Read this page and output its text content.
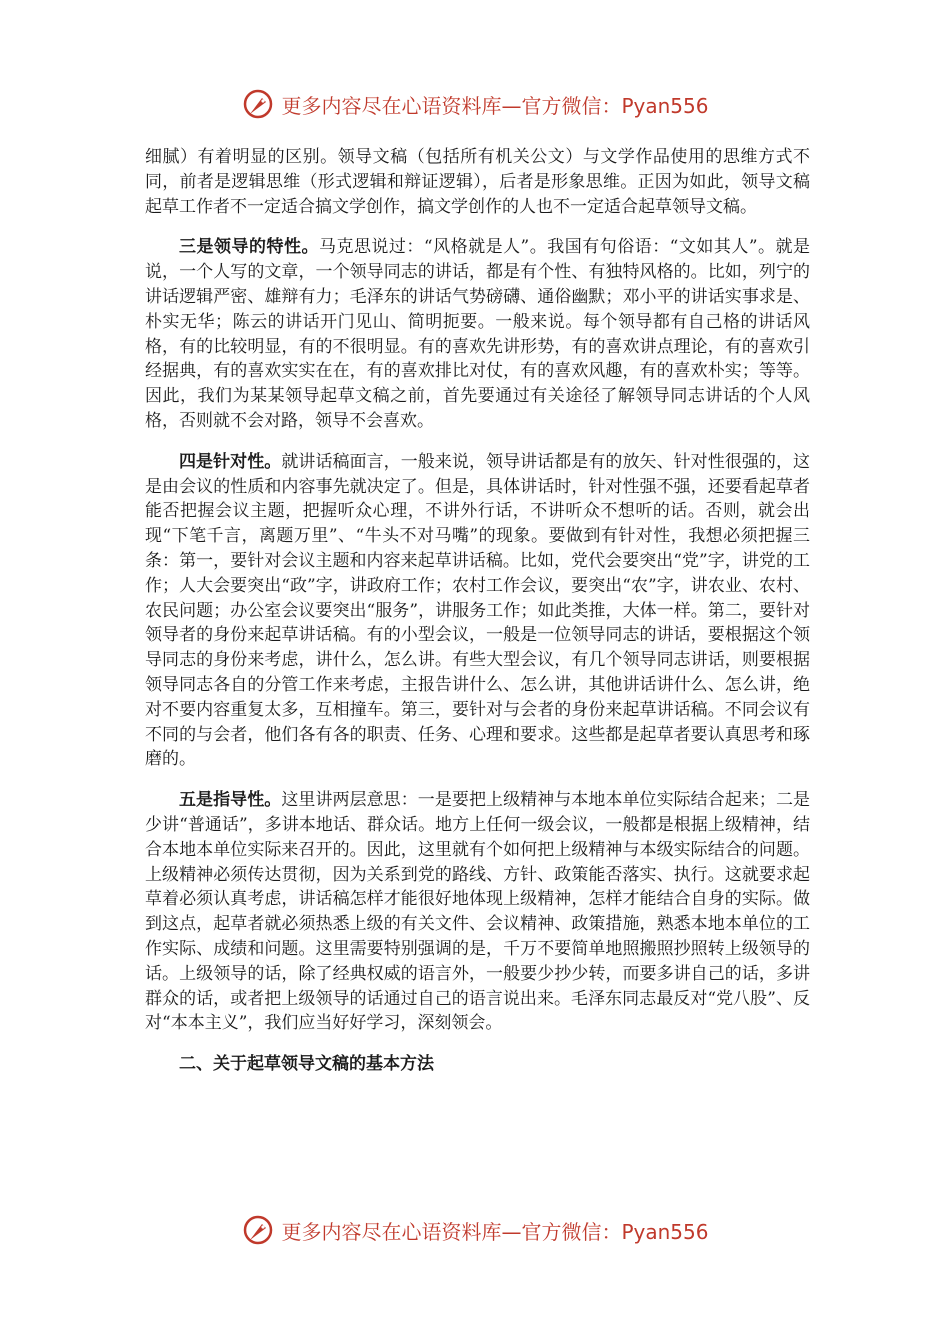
更多内容尽在心语资料库—官方微信：Pyan556

细腻）有着明显的区别。领导文稿（包括所有机关公文）与文学作品使用的思维方式不同，前者是逻辑思维（形式逻辑和辩证逻辑），后者是形象思维。正因为如此，领导文稿起草工作者不一定适合搞文学创作，搞文学创作的人也不一定适合起草领导文稿。

三是领导的特性。马克思说过：“风格就是人”。我国有句俗语：“文如其人”。就是说，一个人写的文章，一个领导同志的讲话，都是有个性、有独特风格的。比如，列宁的讲话逻辑严密、雄辩有力；毛泽东的讲话气势磅礴、通俗幽默；邓小平的讲话实事求是、朴实无华；陈云的讲话开门见山、简明扼要。一般来说。每个领导都有自己格的讲话风格，有的比较明显，有的不很明显。有的喜欢先讲形势，有的喜欢讲点理论，有的喜欢引经据典，有的喜欢实实在在，有的喜欢排比对仗，有的喜欢风趣，有的喜欢朴实；等等。因此，我们为某某领导起草文稿之前，首先要通过有关途径了解领导同志讲话的个人风格，否则就不会对路，领导不会喜欢。

四是针对性。就讲话稿面言，一般来说，领导讲话都是有的放矢、针对性很强的，这是由会议的性质和内容事先就决定了。但是，具体讲话时，针对性强不强，还要看起草者能否把握会议主题，把握听众心理，不讲外行话，不讲听众不想听的话。否则，就会出现“下笔千言，离题万里”、“牛头不对马嘴”的现象。要做到有针对性，我想必须把握三条：第一，要针对会议主题和内容来起草讲话稿。比如，党代会要突出“党”字，讲党的工作；人大会要突出“政”字，讲政府工作；农村工作会议，要突出“农”字，讲农业、农村、农民问题；办公室会议要突出“服务”，讲服务工作；如此类推，大体一样。第二，要针对领导者的身份来起草讲话稿。有的小型会议，一般是一位领导同志的讲话，要根据这个领导同志的身份来考虑，讲什么，怎么讲。有些大型会议，有几个领导同志讲话，则要根据领导同志各自的分管工作来考虑，主报告讲什么、怎么讲，其他讲话讲什么、怎么讲，绝对不要内容重复太多，互相撞车。第三，要针对与会者的身份来起草讲话稿。不同会议有不同的与会者，他们各有各的职责、任务、心理和要求。这些都是起草者要认真思考和琢磨的。

五是指导性。这里讲两层意思：一是要把上级精神与本地本单位实际结合起来；二是少讲“普通话”，多讲本地话、群众话。地方上任何一级会议，一般都是根据上级精神，结合本地本单位实际来召开的。因此，这里就有个如何把上级精神与本级实际结合的问题。上级精神必须传达贯彻，因为关系到党的路线、方针、政策能否落实、执行。这就要求起草着必须认真考虑，讲话稿怎样才能很好地体现上级精神，怎样才能结合自身的实际。做到这点，起草者就必须热悉上级的有关文件、会议精神、政策措施，熟悉本地本单位的工作实际、成绩和问题。这里需要特别强调的是，千万不要简单地照搬照抄照转上级领导的话。上级领导的话，除了经典权威的语言外，一般要少抄少转，而要多讲自己的话，多讲群众的话，或者把上级领导的话通过自己的语言说出来。毛泽东同志最反对“党八股”、反对“本本主义”，我们应当好好学习，深刻领会。

二、关于起草领导文稿的基本方法
更多内容尽在心语资料库—官方微信：Pyan556
